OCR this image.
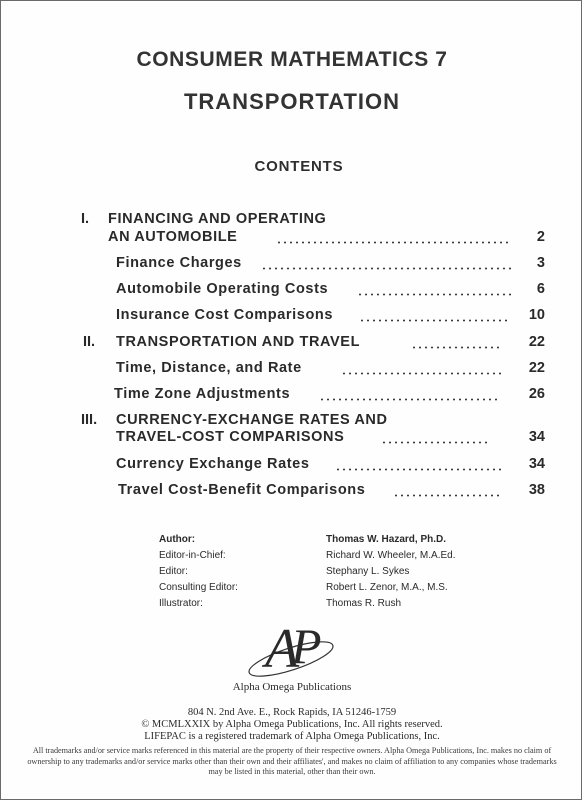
CONSUMER MATHEMATICS 7
TRANSPORTATION
CONTENTS
I. FINANCING AND OPERATING
AN AUTOMOBILE	2
Finance Charges	3
Automobile Operating Costs	6
Insurance Cost Comparisons	10
II. TRANSPORTATION AND TRAVEL	22
Time, Distance, and Rate	22
Time Zone Adjustments	26
III. CURRENCY-EXCHANGE RATES AND
TRAVEL-COST COMPARISONS	34
Currency Exchange Rates	34
Travel Cost-Benefit Comparisons	38
Author:	Thomas W. Hazard, Ph.D.
Editor-in-Chief:	Richard W. Wheeler, M.A.Ed.
Editor:	Stephany L. Sykes
Consulting Editor:	Robert L. Zenor, M.A., M.S.
Illustrator:	Thomas R. Rush
A
P
Alpha Omega Publications
804 N. 2nd Ave. E., Rock Rapids, IA 51246-1759
© MCMLXXIX by Alpha Omega Publications, Inc. All rights reserved.
LIFEPAC is a registered trademark of Alpha Omega Publications, Inc.
All trademarks and/or service marks referenced in this material are the property of their respective owners. Alpha Omega Publications, Inc. makes no claim of ownership to any trademarks and/or service marks other than their own and their affiliates', and makes no claim of affiliation to any companies whose trademarks may be listed in this material, other than their own.
